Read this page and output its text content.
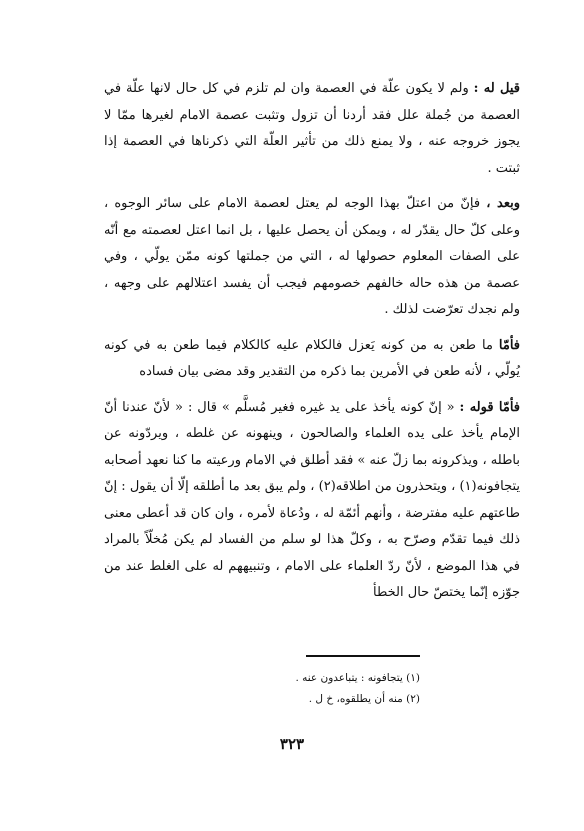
قيل له : ولم لا يكون علّة في العصمة وان لم تلزم في كل حال لانها علّة في العصمة من جُملة علل فقد أردنا أن تزول وتثبت عصمة الامام لغيرها ممّا لا يجوز خروجه عنه ، ولا يمنع ذلك من تأثير العلّة التي ذكرناها في العصمة إذا ثبتت .

وبعد ، فإنّ من اعتلّ بهذا الوجه لم يعتل لعصمة الامام على سائر الوجوه ، وعلى كلّ حال يقدّر له ، ويمكن أن يحصل عليها ، بل انما اعتل لعصمته مع أنّه على الصفات المعلوم حصولها له ، التي من جملتها كونه ممّن يولّي ، وفي عصمة من هذه حاله خالفهم خصومهم فيجب أن يفسد اعتلالهم على وجهه ، ولم نجدك تعرّضت لذلك .

فأمّا ما طعن به من كونه يَعزل فالكلام عليه كالكلام فيما طعن به في كونه يُولّي ، لأنه طعن في الأمرين بما ذكره من التقدير وقد مضى بيان فساده

فأمّا قوله : « إنّ كونه يأخذ على يد غيره فغير مُسلَّم » قال : « لأنّ عندنا أنّ الإمام يأخذ على يده العلماء والصالحون ، وينهونه عن غلطه ، ويردّونه عن باطله ، ويذكرونه بما زلّ عنه » فقد أطلق في الامام ورعيته ما كنا نعهد أصحابه يتجافونه(١) ، ويتحذرون من اطلاقه(٢) ، ولم يبق بعد ما أطلقه إلّا أن يقول : إنّ طاعتهم عليه مفترضة ، وأنهم أئمّة له ، ودُعاة لأمره ، وان كان قد أعطى معنى ذلك فيما تقدّم وصرّح به ، وكلّ هذا لو سلم من الفساد لم يكن مُخلّاً بالمراد في هذا الموضع ، لأنّ ردّ العلماء على الامام ، وتنبيههم له على الغلط عند من جوّزه إنّما يختصّ حال الخطأ

(١) يتجافونه : يتباعدون عنه .

(٢) منه أن يطلقوه، خ ل .

٣٢٣
